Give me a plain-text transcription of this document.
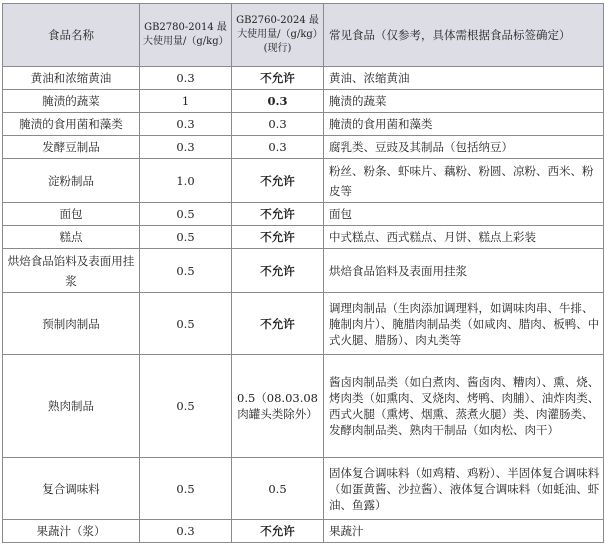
食品名称	GB2780-2014 最大使用量/（g/kg）	GB2760-2024 最大使用量/（g/kg）(现行)	常见食品（仅参考，具体需根据食品标签确定）
黄油和浓缩黄油	0.3	不允许	黄油、浓缩黄油
腌渍的蔬菜	1	0.3	腌渍的蔬菜
腌渍的食用菌和藻类	0.3	0.3	腌渍的食用菌和藻类
发酵豆制品	0.3	0.3	腐乳类、豆豉及其制品（包括纳豆）
淀粉制品	1.0	不允许	粉丝、粉条、虾味片、藕粉、粉圆、凉粉、西米、粉皮等
面包	0.5	不允许	面包
糕点	0.5	不允许	中式糕点、西式糕点、月饼、糕点上彩装
烘焙食品馅料及表面用挂浆	0.5	不允许	烘焙食品馅料及表面用挂浆
预制肉制品	0.5	不允许	调理肉制品（生肉添加调理料，如调味肉串、牛排、腌制肉片）、腌腊肉制品类（如咸肉、腊肉、板鸭、中式火腿、腊肠）、肉丸类等
熟肉制品	0.5	0.5（08.03.08肉罐头类除外）	酱卤肉制品类（如白煮肉、酱卤肉、糟肉）、熏、烧、烤肉类（如熏肉、叉烧肉、烤鸭、肉脯）、油炸肉类、西式火腿（熏烤、烟熏、蒸煮火腿）类、肉灌肠类、发酵肉制品类、熟肉干制品（如肉松、肉干）
复合调味料	0.5	0.5	固体复合调味料（如鸡精、鸡粉）、半固体复合调味料（如蛋黄酱、沙拉酱）、液体复合调味料（如蚝油、虾油、鱼露）
果蔬汁（浆）	0.3	不允许	果蔬汁
